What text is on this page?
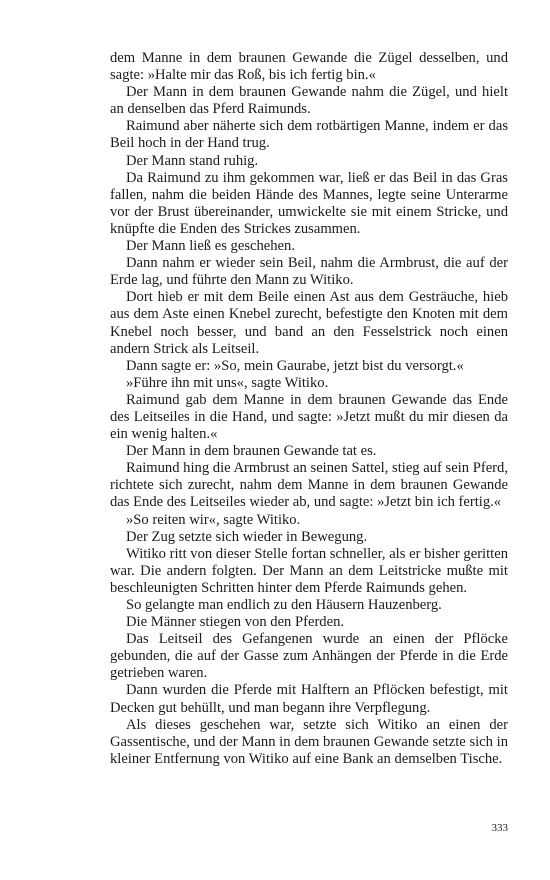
dem Manne in dem braunen Gewande die Zügel desselben, und sagte: »Halte mir das Roß, bis ich fertig bin.«

Der Mann in dem braunen Gewande nahm die Zügel, und hielt an denselben das Pferd Raimunds.

Raimund aber näherte sich dem rotbärtigen Manne, indem er das Beil hoch in der Hand trug.

Der Mann stand ruhig.

Da Raimund zu ihm gekommen war, ließ er das Beil in das Gras fallen, nahm die beiden Hände des Mannes, legte seine Unterarme vor der Brust übereinander, umwickelte sie mit einem Stricke, und knüpfte die Enden des Strickes zusammen.

Der Mann ließ es geschehen.

Dann nahm er wieder sein Beil, nahm die Armbrust, die auf der Erde lag, und führte den Mann zu Witiko.

Dort hieb er mit dem Beile einen Ast aus dem Gesträuche, hieb aus dem Aste einen Knebel zurecht, befestigte den Knoten mit dem Knebel noch besser, und band an den Fesselstrick noch einen andern Strick als Leitseil.

Dann sagte er: »So, mein Gaurabe, jetzt bist du versorgt.«

»Führe ihn mit uns«, sagte Witiko.

Raimund gab dem Manne in dem braunen Gewande das Ende des Leitseiles in die Hand, und sagte: »Jetzt mußt du mir diesen da ein wenig halten.«

Der Mann in dem braunen Gewande tat es.

Raimund hing die Armbrust an seinen Sattel, stieg auf sein Pferd, richtete sich zurecht, nahm dem Manne in dem braunen Gewande das Ende des Leitseiles wieder ab, und sagte: »Jetzt bin ich fertig.«

»So reiten wir«, sagte Witiko.

Der Zug setzte sich wieder in Bewegung.

Witiko ritt von dieser Stelle fortan schneller, als er bisher geritten war. Die andern folgten. Der Mann an dem Leitstricke mußte mit beschleunigten Schritten hinter dem Pferde Raimunds gehen.

So gelangte man endlich zu den Häusern Hauzenberg.

Die Männer stiegen von den Pferden.

Das Leitseil des Gefangenen wurde an einen der Pflöcke gebunden, die auf der Gasse zum Anhängen der Pferde in die Erde getrieben waren.

Dann wurden die Pferde mit Halftern an Pflöcken befestigt, mit Decken gut behüllt, und man begann ihre Verpflegung.

Als dieses geschehen war, setzte sich Witiko an einen der Gassentische, und der Mann in dem braunen Gewande setzte sich in kleiner Entfernung von Witiko auf eine Bank an demselben Tische.

333
